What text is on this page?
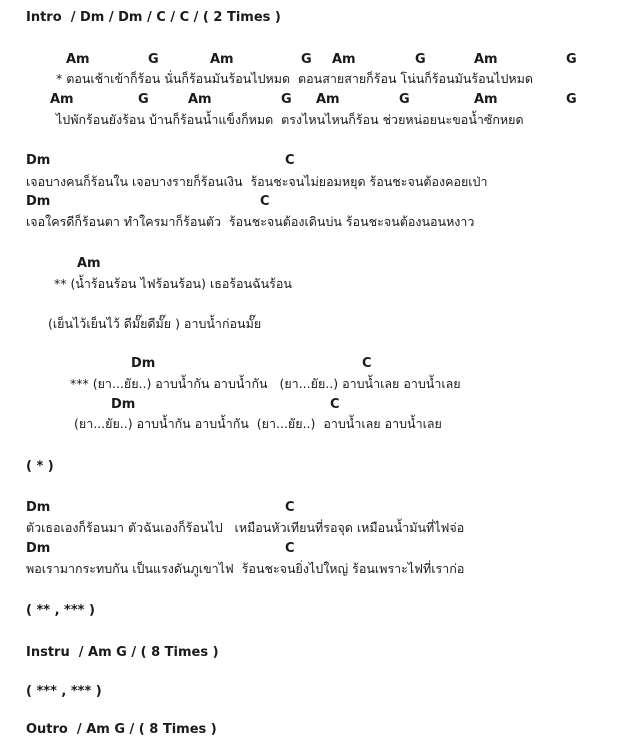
Intro  / Dm / Dm / C / C / ( 2 Times )
Am	G	Am	G Am	G	Am	G
* ตอนเช้าเข้าก็ร้อน นั่นก็ร้อนมันร้อนไปหมด  ตอนสายสายก็ร้อน โน่นก็ร้อนมันร้อนไปหมด
Am	G	Am	G Am	G	Am	G
ไปพักร้อนยังร้อน บ้านก็ร้อนน้ำแข็งก็หมด  ตรงไหนไหนก็ร้อน ช่วยหน่อยนะขอน้ำซักหยด
Dm	C
เจอบางคนก็ร้อนใน เจอบางรายก็ร้อนเงิน  ร้อนชะจนไม่ยอมหยุด ร้อนชะจนต้องคอยเป่า
Dm	C
เจอใครดีก็ร้อนตา ทำใครมาก็ร้อนตัว  ร้อนชะจนต้องเดินบ่น ร้อนชะจนต้องนอนหงาว
Am
** (น้ำร้อนร้อน ไฟร้อนร้อน) เธอร้อนฉันร้อน
(เย็นไว้เย็นไว้ ดีมั๊ยดีมั๊ย ) อาบน้ำก่อนมั๊ย
Dm	C
*** (ยา...ยัย..) อาบน้ำกัน อาบน้ำกัน   (ยา...ยัย..) อาบน้ำเลย อาบน้ำเลย
Dm	C
(ยา...ยัย..) อาบน้ำกัน อาบน้ำกัน  (ยา...ยัย..)  อาบน้ำเลย อาบน้ำเลย
( * )
Dm	C
ตัวเธอเองก็ร้อนมา ตัวฉันเองก็ร้อนไป   เหมือนหัวเทียนที่รอจุด เหมือนน้ำมันที่ไฟจ่อ
Dm	C
พอเรามากระทบกัน เป็นแรงดันภูเขาไฟ  ร้อนชะจนยิ่งไปใหญ่ ร้อนเพราะไฟที่เราก่อ
( ** , *** )
Instru  / Am G / ( 8 Times )
( *** , *** )
Outro  / Am G / ( 8 Times )
